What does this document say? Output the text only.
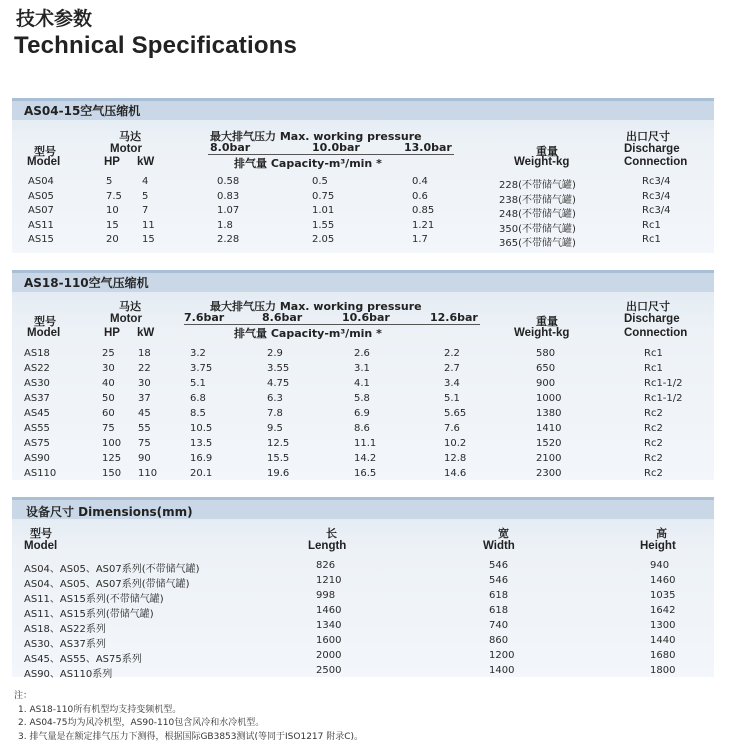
技术参数
Technical Specifications
AS04-15空气压缩机
马达	最大排气压力 Max. working pressure	出口尺寸
型号	Motor	8.0bar	10.0bar	13.0bar	重量	Discharge
Model	HP kW	排气量 Capacity-m³/min *	Weight-kg	Connection
AS04	5	4	0.58	0.5	0.4	228(不带储气罐)	Rc3/4
AS05	7.5 5	0.83	0.75	0.6	238(不带储气罐)	Rc3/4
AS07	10 7	1.07	1.01	0.85	248(不带储气罐)	Rc3/4
AS11	15 11	1.8	1.55	1.21	350(不带储气罐)	Rc1
AS15	20 15	2.28	2.05	1.7	365(不带储气罐)	Rc1
AS18-110空气压缩机
马达	最大排气压力 Max. working pressure	出口尺寸
型号	Motor	7.6bar	8.6bar	10.6bar	12.6bar	重量	Discharge
Model	HP kW	排气量 Capacity-m³/min *	Weight-kg	Connection
AS18	25 18	3.2	2.9	2.6	2.2	580	Rc1
AS22	30 22	3.75	3.55	3.1	2.7	650	Rc1
AS30	40 30	5.1	4.75	4.1	3.4	900	Rc1-1/2
AS37	50 37	6.8	6.3	5.8	5.1	1000	Rc1-1/2
AS45	60 45	8.5	7.8	6.9	5.65	1380	Rc2
AS55	75 55	10.5	9.5	8.6	7.6	1410	Rc2
AS75	100 75	13.5	12.5	11.1	10.2	1520	Rc2
AS90	125 90	16.9	15.5	14.2	12.8	2100	Rc2
AS110	150 110	20.1	19.6	16.5	14.6	2300	Rc2
设备尺寸 Dimensions(mm)
型号	长	宽	高
Model	Length	Width	Height
AS04、AS05、AS07系列(不带储气罐)	826	546	940
AS04、AS05、AS07系列(带储气罐)	1210	546	1460
AS11、AS15系列(不带储气罐)	998	618	1035
AS11、AS15系列(带储气罐)	1460	618	1642
AS18、AS22系列	1340	740	1300
AS30、AS37系列	1600	860	1440
AS45、AS55、AS75系列	2000	1200	1680
AS90、AS110系列	2500	1400	1800
注：
1. AS18-110所有机型均支持变频机型。
2. AS04-75均为风冷机型，AS90-110包含风冷和水冷机型。
3. 排气量是在额定排气压力下测得，根据国际GB3853测试(等同于ISO1217 附录C)。
